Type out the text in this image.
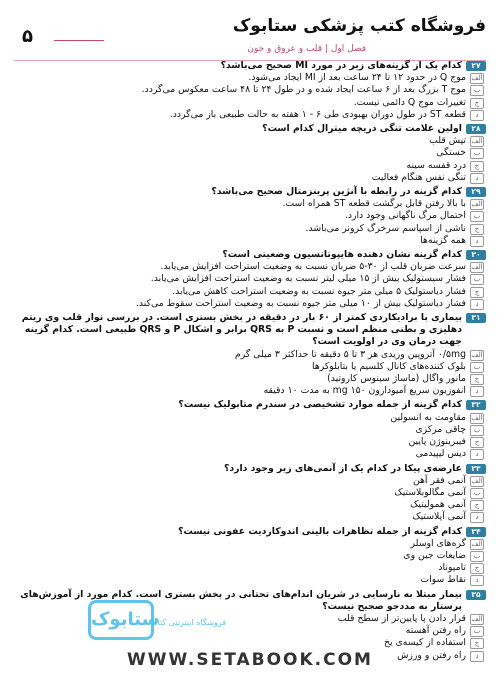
فروشگاه کتب پزشکی ستابوک
فصل اول | قلب و عروق و خون
۵
۲۷
کدام یک از گزینه‌های زیر در مورد MI صحیح می‌باشد؟
الف
موج Q در حدود ۱۲ تا ۲۴ ساعت بعد از MI ایجاد می‌شود.
ب
موج T بزرگ بعد از ۶ ساعت ایجاد شده و در طول ۲۴ تا ۴۸ ساعت معکوس می‌گردد.
ج
تغییرات موج Q دائمی نیست.
د
قطعه ST در طول دوران بهبودی طی ۶ - ۱ هفته به حالت طبیعی باز می‌گردد.
۲۸
اولین علامت تنگی دریچه میترال کدام است؟
الف
تپش قلب
ب
خستگی
ج
درد قفسه سینه
د
تنگی نفس هنگام فعالیت
۲۹
کدام گزینه در رابطه با آنژین پرینزمتال صحیح می‌باشد؟
الف
با بالا رفتن قابل برگشت قطعه ST همراه است.
ب
احتمال مرگ ناگهانی وجود دارد.
ج
ناشی از اسپاسم سرخرگ کرونر می‌باشد.
د
همه گزینه‌ها
۳۰
کدام گزینه نشان دهنده هایپوتانسیون وضعیتی است؟
الف
سرعت ضربان قلب از ۳۰-۵ ضربان نسبت به وضعیت استراحت افزایش می‌یابد.
ب
فشار سیستولیک بیش از ۱۵ میلی لیتر نسبت به وضعیت استراحت افزایش می‌یابد.
ج
فشار دیاستولیک ۵ میلی متر جیوه نسبت به وضعیت استراحت کاهش می‌یابد.
د
فشار دیاستولیک بیش از ۱۰ میلی متر جیوه نسبت به وضعیت استراحت سقوط می‌کند.
۳۱
بیماری با برادیکاردی کمتر از ۶۰ بار در دقیقه در بخش بستری است. در بررسی نوار قلب وی ریتم دهلیزی و بطنی منظم است و نسبت P به QRS برابر و اشکال P و QRS طبیعی است. کدام گزینه جهت درمان وی در اولویت است؟
الف
۰/۵mg آتروپین وریدی هر ۳ تا ۵ دقیقه تا حداکثر ۳ میلی گرم
ب
بلوک کننده‌های کانال کلسیم یا بتابلوکرها
ج
مانور واگال (ماساژ سینوس کاروتید)
د
انفوزیون سریع آمیودارون ۱۵۰ mg به مدت ۱۰ دقیقه
۳۲
کدام گزینه از جمله موارد تشخیصی در سندرم متابولیک نیست؟
الف
مقاومت به انسولین
ب
چاقی مرکزی
ج
فیبرینوژن پایین
د
دیس لیپیدمی
۳۳
عارضه‌ی پیکا در کدام یک از آنمی‌های زیر وجود دارد؟
الف
آنمی فقر آهن
ب
آنمی مگالوبلاستیک
ج
آنمی همولیتیک
د
آنمی آپلاستیک
۳۴
کدام گزینه از جمله تظاهرات بالینی اندوکاردیت عفونی نیست؟
الف
گره‌های اوسلر
ب
ضایعات جین وی
ج
تامپوناد
د
نقاط سوات
۳۵
بیمار مبتلا به نارسایی در شریان اندام‌های تحتانی در بخش بستری است. کدام مورد از آموزش‌های پرستار به مددجو صحیح نیست؟
الف
قرار دادن پا پایین‌تر از سطح قلب
ب
راه رفتن آهسته
ج
استفاده از کیسه‌ی یخ
د
راه رفتن و ورزش
ستابوک
فروشگاه اینترنتی کتاب
WWW.SETABOOK.COM
